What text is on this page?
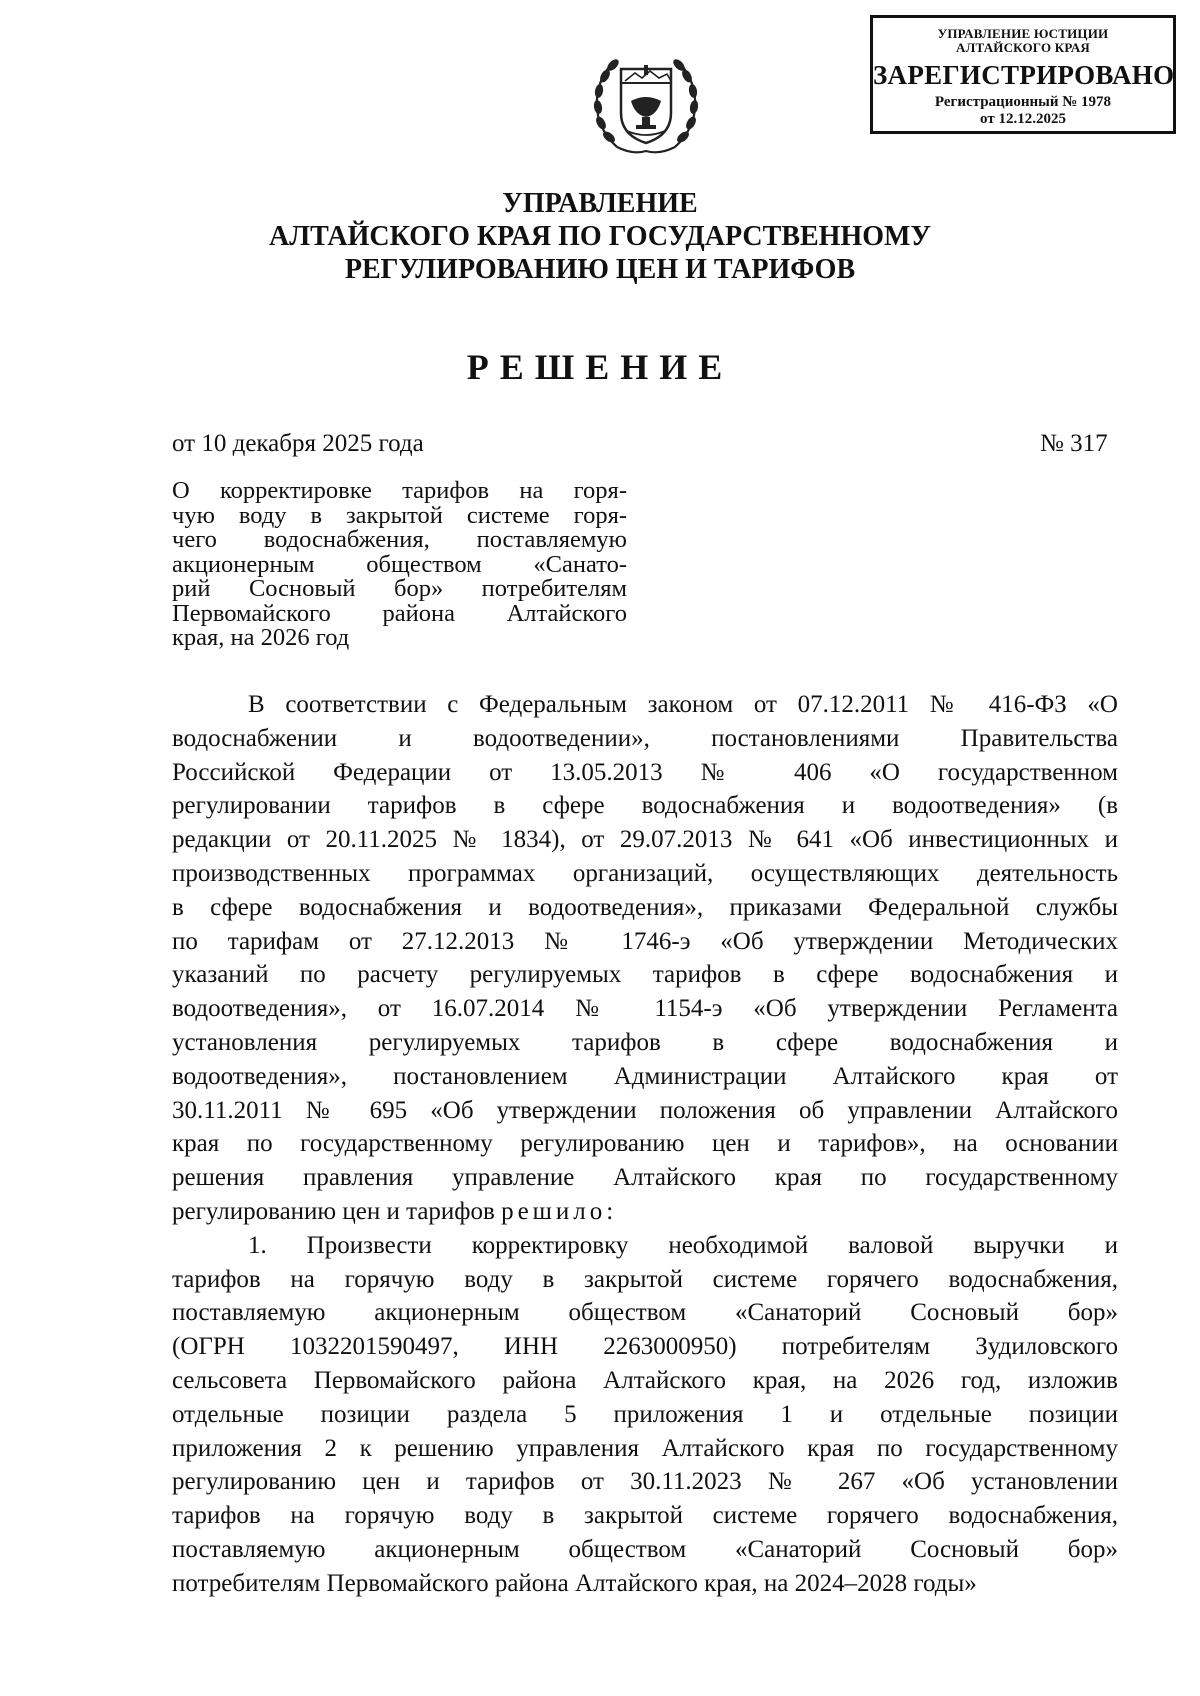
УПРАВЛЕНИЕ ЮСТИЦИИ
АЛТАЙСКОГО КРАЯ
ЗАРЕГИСТРИРОВАНО
Регистрационный № 1978
от 12.12.2025
УПРАВЛЕНИЕ
АЛТАЙСКОГО КРАЯ ПО ГОСУДАРСТВЕННОМУ
РЕГУЛИРОВАНИЮ ЦЕН И ТАРИФОВ
РЕШЕНИЕ
от 10 декабря 2025 года	№ 317
О корректировке тарифов на горя-
чую воду в закрытой системе горя-
чего водоснабжения, поставляемую
акционерным обществом «Санато-
рий Сосновый бор» потребителям
Первомайского района Алтайского
края, на 2026 год
В соответствии с Федеральным законом от 07.12.2011 № 416-ФЗ «О
водоснабжении и водоотведении», постановлениями Правительства
Российской Федерации от 13.05.2013 № 406 «О государственном
регулировании тарифов в сфере водоснабжения и водоотведения» (в
редакции от 20.11.2025 № 1834), от 29.07.2013 № 641 «Об инвестиционных и
производственных программах организаций, осуществляющих деятельность
в сфере водоснабжения и водоотведения», приказами Федеральной службы
по тарифам от 27.12.2013 № 1746-э «Об утверждении Методических
указаний по расчету регулируемых тарифов в сфере водоснабжения и
водоотведения», от 16.07.2014 № 1154-э «Об утверждении Регламента
установления регулируемых тарифов в сфере водоснабжения и
водоотведения», постановлением Администрации Алтайского края от
30.11.2011 № 695 «Об утверждении положения об управлении Алтайского
края по государственному регулированию цен и тарифов», на основании
решения правления управление Алтайского края по государственному
регулированию цен и тарифов решило:
1. Произвести корректировку необходимой валовой выручки и
тарифов на горячую воду в закрытой системе горячего водоснабжения,
поставляемую акционерным обществом «Санаторий Сосновый бор»
(ОГРН 1032201590497, ИНН 2263000950) потребителям Зудиловского
сельсовета Первомайского района Алтайского края, на 2026 год, изложив
отдельные позиции раздела 5 приложения 1 и отдельные позиции
приложения 2 к решению управления Алтайского края по государственному
регулированию цен и тарифов от 30.11.2023 № 267 «Об установлении
тарифов на горячую воду в закрытой системе горячего водоснабжения,
поставляемую акционерным обществом «Санаторий Сосновый бор»
потребителям Первомайского района Алтайского края, на 2024–2028 годы»
